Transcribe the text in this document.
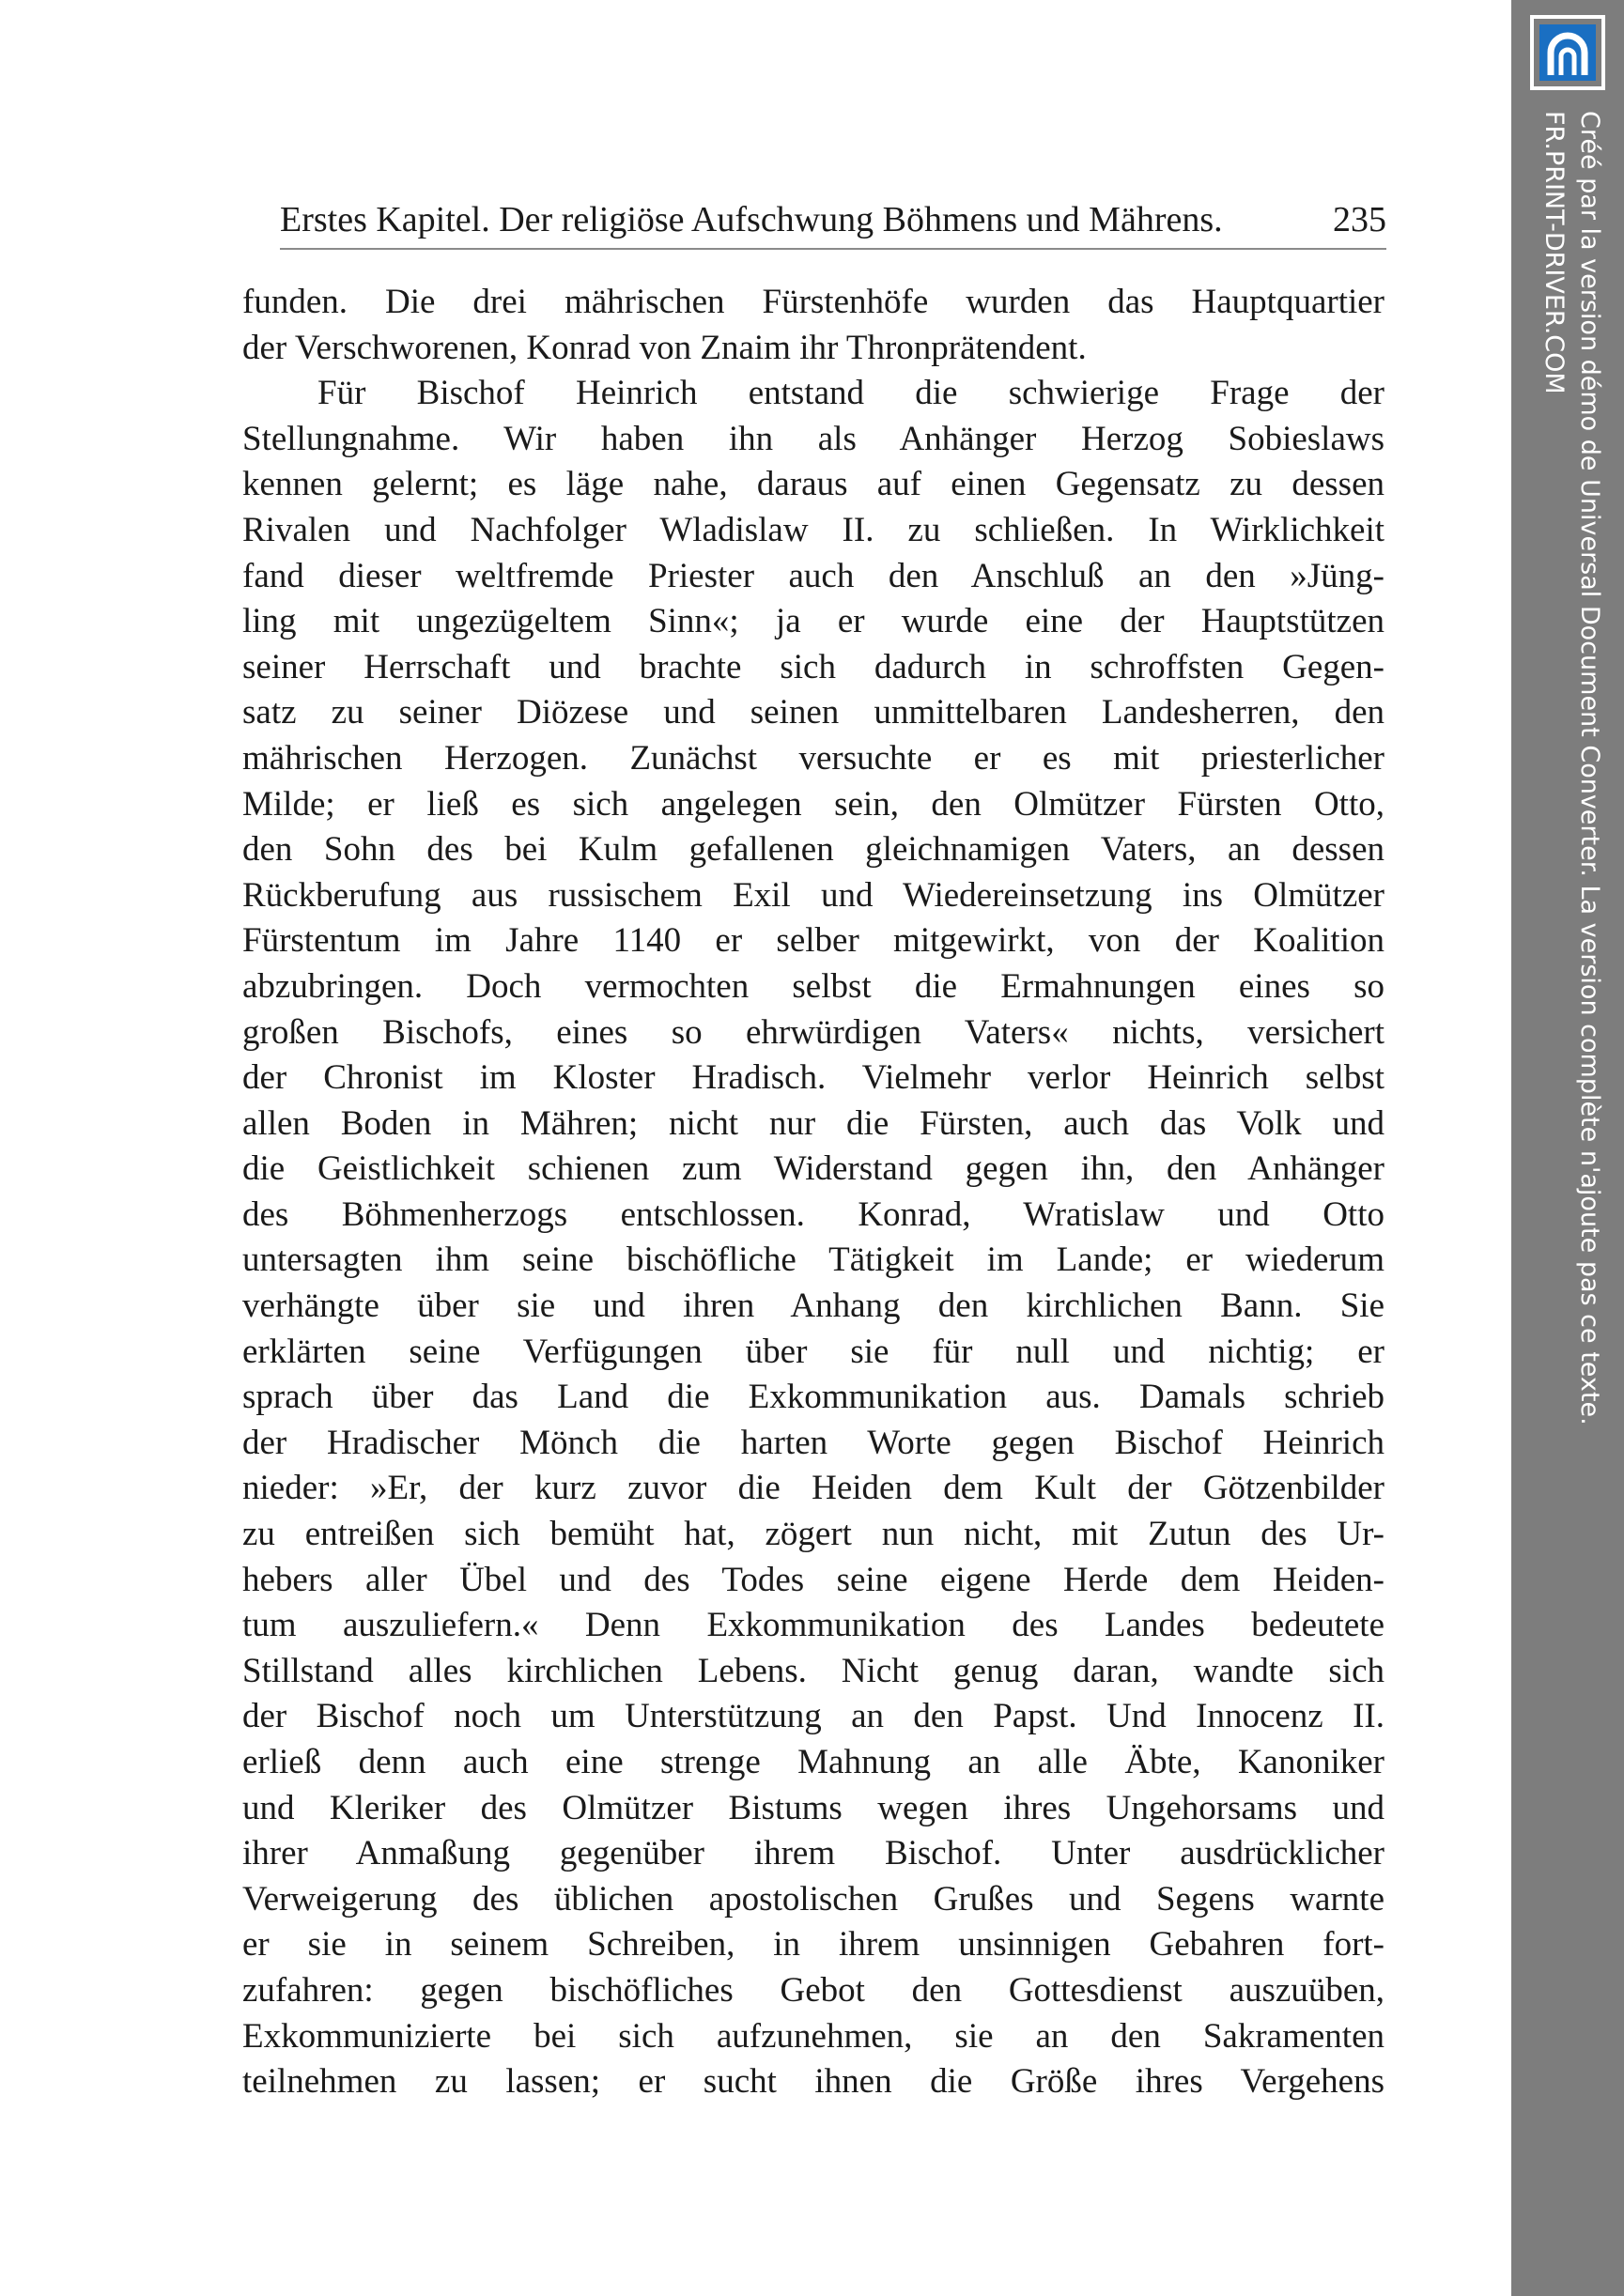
Erstes Kapitel. Der religiöse Aufschwung Böhmens und Mährens.	235
funden. Die drei mährischen Fürstenhöfe wurden das Hauptquartier
der Verschworenen, Konrad von Znaim ihr Thronprätendent.
Für Bischof Heinrich entstand die schwierige Frage der
Stellungnahme. Wir haben ihn als Anhänger Herzog Sobieslaws
kennen gelernt; es läge nahe, daraus auf einen Gegensatz zu dessen
Rivalen und Nachfolger Wladislaw II. zu schließen. In Wirklichkeit
fand dieser weltfremde Priester auch den Anschluß an den »Jüng-
ling mit ungezügeltem Sinn«; ja er wurde eine der Hauptstützen
seiner Herrschaft und brachte sich dadurch in schroffsten Gegen-
satz zu seiner Diözese und seinen unmittelbaren Landesherren, den
mährischen Herzogen. Zunächst versuchte er es mit priesterlicher
Milde; er ließ es sich angelegen sein, den Olmützer Fürsten Otto,
den Sohn des bei Kulm gefallenen gleichnamigen Vaters, an dessen
Rückberufung aus russischem Exil und Wiedereinsetzung ins Olmützer
Fürstentum im Jahre 1140 er selber mitgewirkt, von der Koalition
abzubringen. Doch vermochten selbst die Ermahnungen eines so
großen Bischofs, eines so ehrwürdigen Vaters« nichts, versichert
der Chronist im Kloster Hradisch. Vielmehr verlor Heinrich selbst
allen Boden in Mähren; nicht nur die Fürsten, auch das Volk und
die Geistlichkeit schienen zum Widerstand gegen ihn, den Anhänger
des Böhmenherzogs entschlossen. Konrad, Wratislaw und Otto
untersagten ihm seine bischöfliche Tätigkeit im Lande; er wiederum
verhängte über sie und ihren Anhang den kirchlichen Bann. Sie
erklärten seine Verfügungen über sie für null und nichtig; er
sprach über das Land die Exkommunikation aus. Damals schrieb
der Hradischer Mönch die harten Worte gegen Bischof Heinrich
nieder: »Er, der kurz zuvor die Heiden dem Kult der Götzenbilder
zu entreißen sich bemüht hat, zögert nun nicht, mit Zutun des Ur-
hebers aller Übel und des Todes seine eigene Herde dem Heiden-
tum auszuliefern.« Denn Exkommunikation des Landes bedeutete
Stillstand alles kirchlichen Lebens. Nicht genug daran, wandte sich
der Bischof noch um Unterstützung an den Papst. Und Innocenz II.
erließ denn auch eine strenge Mahnung an alle Äbte, Kanoniker
und Kleriker des Olmützer Bistums wegen ihres Ungehorsams und
ihrer Anmaßung gegenüber ihrem Bischof. Unter ausdrücklicher
Verweigerung des üblichen apostolischen Grußes und Segens warnte
er sie in seinem Schreiben, in ihrem unsinnigen Gebahren fort-
zufahren: gegen bischöfliches Gebot den Gottesdienst auszuüben,
Exkommunizierte bei sich aufzunehmen, sie an den Sakramenten
teilnehmen zu lassen; er sucht ihnen die Größe ihres Vergehens
Créé par la version démo de Universal Document Converter. La version complète n'ajoute pas ce texte.
FR.PRINT-DRIVER.COM
